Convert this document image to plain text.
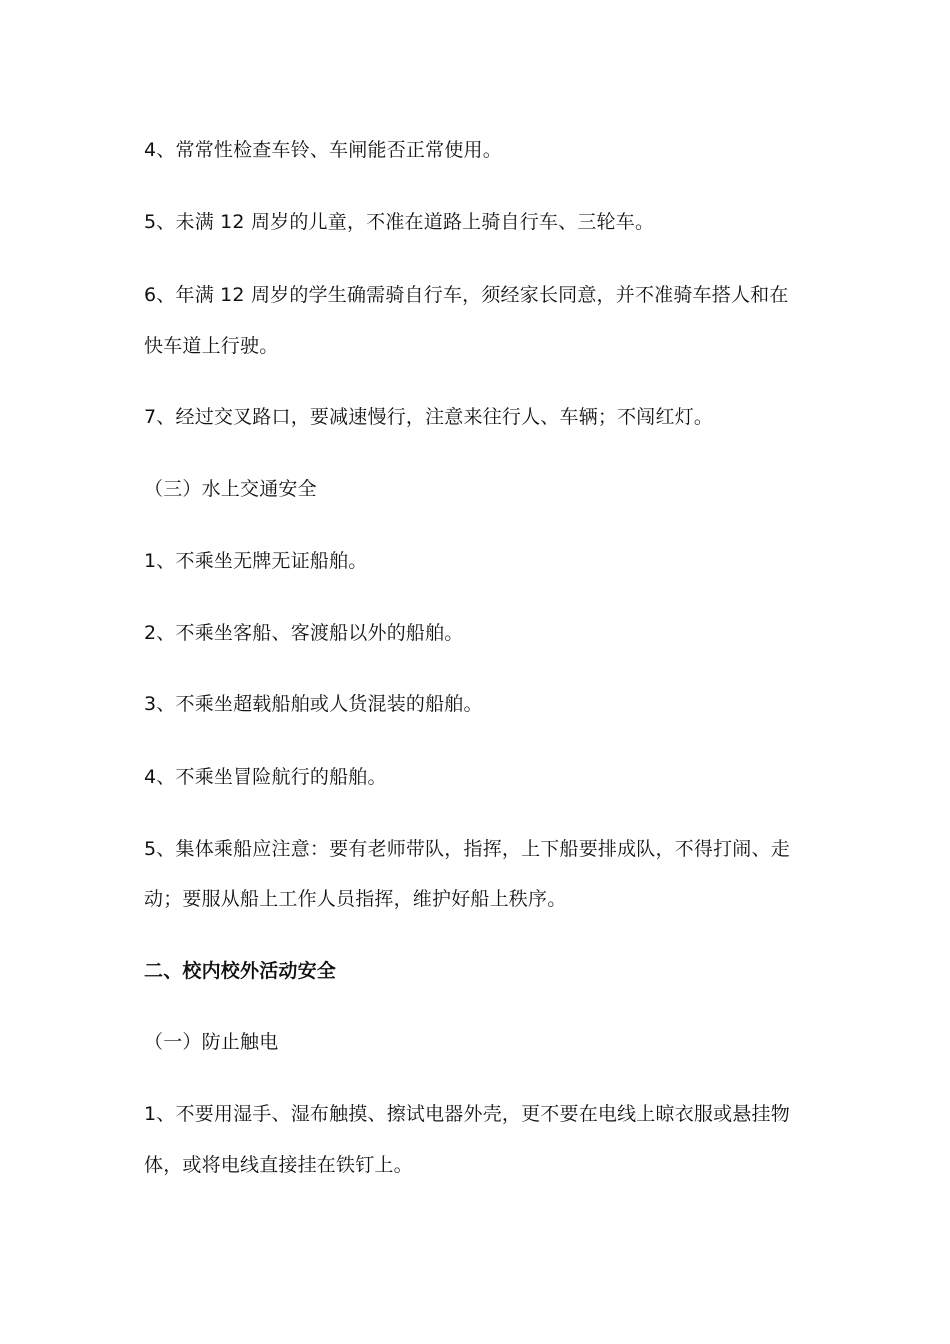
4、常常性检查车铃、车闸能否正常使用。
5、未满 12 周岁的儿童，不准在道路上骑自行车、三轮车。
6、年满 12 周岁的学生确需骑自行车，须经家长同意，并不准骑车搭人和在
快车道上行驶。
7、经过交叉路口，要减速慢行，注意来往行人、车辆；不闯红灯。
（三）水上交通安全
1、不乘坐无牌无证船舶。
2、不乘坐客船、客渡船以外的船舶。
3、不乘坐超载船舶或人货混装的船舶。
4、不乘坐冒险航行的船舶。
5、集体乘船应注意：要有老师带队，指挥，上下船要排成队，不得打闹、走
动；要服从船上工作人员指挥，维护好船上秩序。
二、校内校外活动安全
（一）防止触电
1、不要用湿手、湿布触摸、擦试电器外壳，更不要在电线上晾衣服或悬挂物
体，或将电线直接挂在铁钉上。
